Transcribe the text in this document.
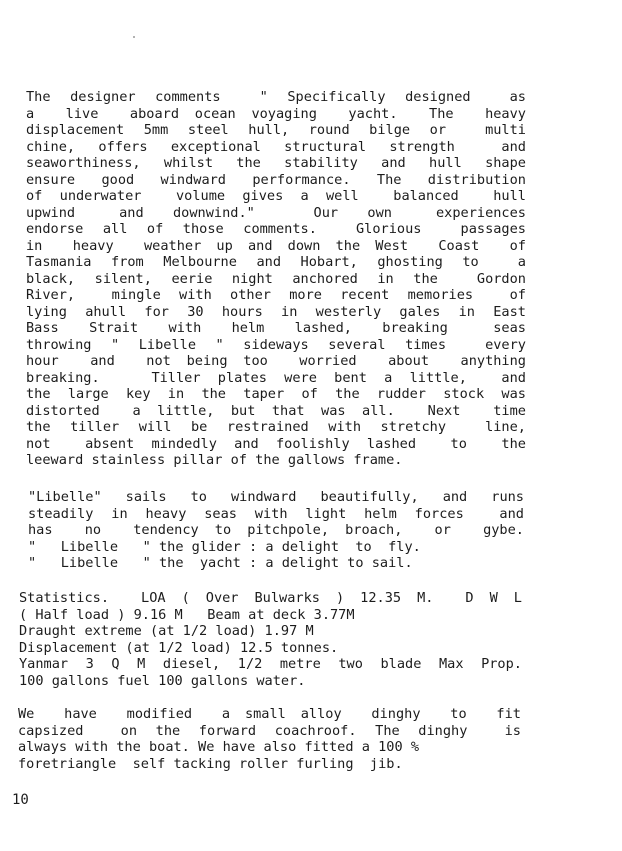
The designer comments  " Specifically designed  as
a  live  aboard ocean voyaging  yacht.  The  heavy
displacement 5mm steel hull, round bilge or  multi
chine, offers exceptional structural strength  and
seaworthiness, whilst the stability and hull shape
ensure good windward performance. The distribution
of underwater  volume gives a well  balanced  hull
upwind   and  downwind."    Our  own   experiences
endorse all of those comments.  Glorious  passages
in  heavy  weather up and down the West  Coast  of
Tasmania from Melbourne and Hobart, ghosting to  a
black, silent, eerie night anchored in the  Gordon
River,  mingle with other more recent memories  of
lying ahull for 30 hours in westerly gales in East
Bass  Strait  with  helm  lashed,  breaking   seas
throwing " Libelle " sideways several times  every
hour  and  not being too  worried  about  anything
breaking.   Tiller plates were bent a little,  and
the large key in the taper of the rudder stock was
distorted  a little, but that was all.  Next  time
the tiller will be restrained with stretchy  line,
not  absent mindedly and foolishly lashed  to  the
leeward stainless pillar of the gallows frame.
"Libelle" sails to windward beautifully, and runs
steadily in heavy seas with light helm forces  and
has  no  tendency to pitchpole, broach,  or  gybe.
"   Libelle   " the glider : a delight  to  fly.
"   Libelle   " the  yacht : a delight to sail.
Statistics.  LOA ( Over Bulwarks ) 12.35 M.  D W L
( Half load ) 9.16 M   Beam at deck 3.77M
Draught extreme (at 1/2 load) 1.97 M
Displacement (at 1/2 load) 12.5 tonnes.
Yanmar 3 Q M diesel, 1/2 metre two blade Max Prop.
100 gallons fuel 100 gallons water.
We  have  modified  a small alloy  dinghy  to  fit
capsized  on the forward coachroof. The dinghy  is
always with the boat. We have also fitted a 100 %
foretriangle  self tacking roller furling  jib.
10
